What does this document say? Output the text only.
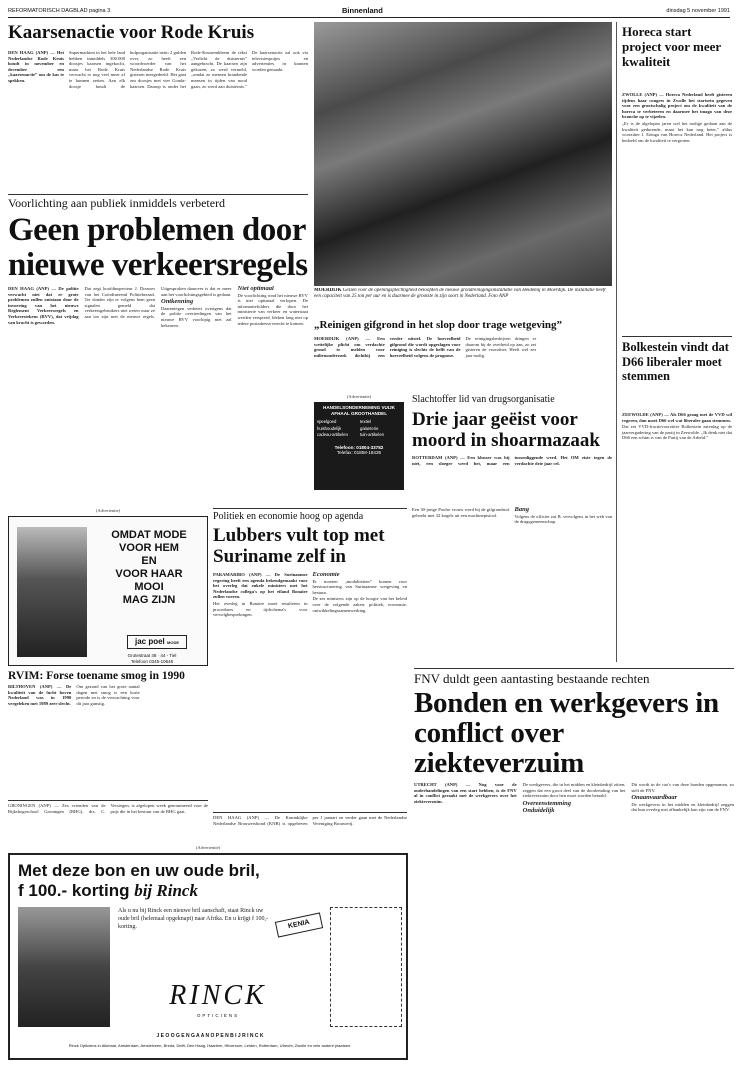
REFORMATORISCH DAGBLAD pagina 3	Binnenland	dinsdag 5 november 1991
Kaarsenactie voor Rode Kruis

DEN HAAG (ANP) — Het Nederlandse Rode Kruis houdt in november en december een „kaarsenactie” om de kas te spekken.

Supermarkten in het hele land hebben inmiddels 300.000 doosjes kaarsen ingekocht, maar het Rode Kruis verwacht er nog veel meer af te kunnen zetten. Aan elk doosje houdt de hulporganisatie netto 2 gulden over, zo heeft een woordvoerder van het Nederlandse Rode Kruis gisteren meegedeeld. Het gaat om doosjes met vier Gouda-kaarsen. Daarop is onder het Rode-Kruisembleem de tekst „Verlicht de duisternis” aangebracht. De kaarsen zijn gekozen, zo werd vermeld, „omdat ze mensen brandende mensen in tijden van nood gaan, zo werd aan duisternis.” De kaarsenactie zal ook via televisiespotjes en advertenties in kranten worden gemaakt.

Voorlichting aan publiek inmiddels verbeterd
Geen problemen door nieuwe verkeersregels

DEN HAAG (ANP) — De politie verwacht niet dat er grote problemen zullen ontstaan door de invoering van het nieuwe Reglement Verkeersregels en Verkeerstekens (RVV), dat vrijdag van kracht is geworden.

Dat zegt hoofdinspecteur J. Douwes van het Coördinerend Politieberaad. Ter donder zijn er volgens hem geen signalen gemeld dat verkeersgebruikers niet weten waar ze aan toe zijn met de nieuwe regels. Uitgesproken daarover is dat er meer aan het voorlichtingsgebied is gedaan.

Ontkenning

Daarentegen verkeert overigens dat de politie overtredingen van het nieuwe RVV voorlopig niet zal bekeuren.

Niet optimaal

De voorlichting rond het nieuwe RVV is niet optimaal verlopen. De informatiefolders die door het ministerie van verkeer en waterstaat werden verspreid, bleken lang niet op iedere postadresse terecht te komen.

(Advertentie)
OMDAT MODE
VOOR HEM
EN
VOOR HAAR
MOOI
MAG ZIJN
jac poel MODE
Grotestraat 48 · 44 - Tiel
Telefoon 0345-10646
RVIM: Forse toename smog in 1990

BILTHOVEN (ANP) — De kwaliteit van de lucht boven Nederland was in 1990 vergeleken met 1989 zeer slecht.

Om gezond van het grote aantal dagen met smog is een korte periode en is de verwachting voor dit jaar gunstig.

GRONINGEN (ANP) — Zes vrienden van de Rijkshogeschool Groningen (RHG), drs. C. Verstegen, is afgelopen week genomineerd voor de prijs die in het bestuur van de RHG gaat.

MOERDIJK Gezien voor de openingsplechtigheid beloofden de nieuwe grondreinigingsinstallatie van Heidemij in Moerdijk. De installatie heeft een capaciteit van 25 ton per uur en is daarmee de grootste in zijn soort in Nederland. Foto ANP
„Reinigen gifgrond in het slop door trage wetgeving”

MOERDIJK (ANP) — Een wettelijke plicht om verdachte grond te melden voor milieuonderzoek dichtbij een verder uitstel. De hoeveelheid gifgrond die wordt opgeslagen voor reiniging is slechts de helft van de hoeveelheid volgens de prognose.

De reinigingsbedrijven dringen er daarom bij de overheid op aan, zo zei gisteren de voorzitter. Heeft wel zes jaar nodig.

(Advertentie)
HANDELSONDERNEMING VUIJK AFHAAL GROOTHANDEL
speelgoed	textiel
huishoudelijk	galanterie
cadeau-artikelen	tuin-artikelen
Telefoon: 01804-33782
Telefax: 01858-18435
Slachtoffer lid van drugsorganisatie
Drie jaar geëist voor moord in shoarmazaak

ROTTERDAM (ANP) — Een klusser was hij niet, een sloeger werd het, maar een tussenliggende werd. Het OM eiste tegen de verdachte drie jaar cel.

Een 30-jarige Poolse vrouw werd bij de gifgrondstof geboekt met 32 kogels uit een machinepistool.

Bang

Volgens de officier zat B. vervolgens in het web van de drugsgemeenschap.

Politiek en economie hoog op agenda
Lubbers vult top met Suriname zelf in

PARAMARIBO (ANP) — De Surinaamse regering heeft een agenda bekendgemaakt voor het overleg dat enkele ministers met het Nederlandse collega's op het eiland Bonaire zullen voeren.

Het overleg in Bonaire moet resulteren in procedures en tijdschema's voor vervolgbesprekingen.

Economie

Er moeten „modaliteiten” komen voor herstructurering van Surinaamse wetgeving en bestuur.

De zes ministers zijn op de hoogte van het beleid over de volgende zaken: politiek, economie, ontwikkelingssamenwerking.

DEN HAAG (ANP) — De Koninklijke Nederlandse Brouwersbond (KNB) is opgeheven per 1 januari en verder gaan met de Nederlandse Vereniging Brouwerij.

(Advertentie)
Met deze bon en uw oude bril,
f 100.- korting bij Rinck
Als u nu bij Rinck een nieuwe bril aanschaft, staat Rinck uw oude bril (helemaal opgeknapt) naar Afrika. En u krijgt f 100,- korting.	KENIA
RINCK
OPTICIENS
J E O O G E N G A A N O P E N B I J R I N C K
Rinck Opticiens in Alkmaar, Amsterdam, Amstelveen, Breda, Delft, Den Haag, Haarlem, Hilversum, Leiden, Rotterdam, Utrecht, Zwolle en vele andere plaatsen.
FNV duldt geen aantasting bestaande rechten
Bonden en werkgevers in conflict over ziekteverzuim

UTRECHT (ANP) — Nog voor de onderhandelingen van een start hebben, is de FNV al in conflict geraakt met de werkgevers over het ziekteverzuim.

De werkgevers, die in het midden en kleinbedrijf zitten, zeggen dat een groot deel van de doorbetaling van het ziekteverzuim door hen moet worden betaald.

Overeenstemming
Onduidelijk

Dit wordt in de cao's van deze bonden opgenomen, zo stelt de FNV.

Onaanvaardbaar

De werkgevers in het midden en kleinbedrijf zeggen dat hun overleg niet afhankelijk kan zijn van de FNV.

Horeca start project voor meer kwaliteit

ZWOLLE (ANP) — Horeca Nederland heeft gisteren tijdens haar congres in Zwolle het startsein gegeven voor een grootschalig project om de kwaliteit van de horeca te verbeteren en daarmee het imago van deze branche op te vijzelen.

„Er is de algelopen jaren wel het nodige gedaan aan de kwaliteit gedurende, maar het kan nog beter,” aldus voorzitter J. Ezinga van Horeca Nederland. Het project is bedoeld om de kwaliteit te vergroten.

Bolkestein vindt dat D66 liberaler moet stemmen

ZEEWOLDE (ANP) — Als D66 graag met de VVD wil regeren, dan moet D66 wel wat liberaler gaan stemmen.

Dat zei VVD-fractievoorzitter Bolkestein zaterdag op de jaarvergadering van de partij in Zeewolde. „Ik denk niet dat D66 een schim is van de Partij van de Arbeid.”
